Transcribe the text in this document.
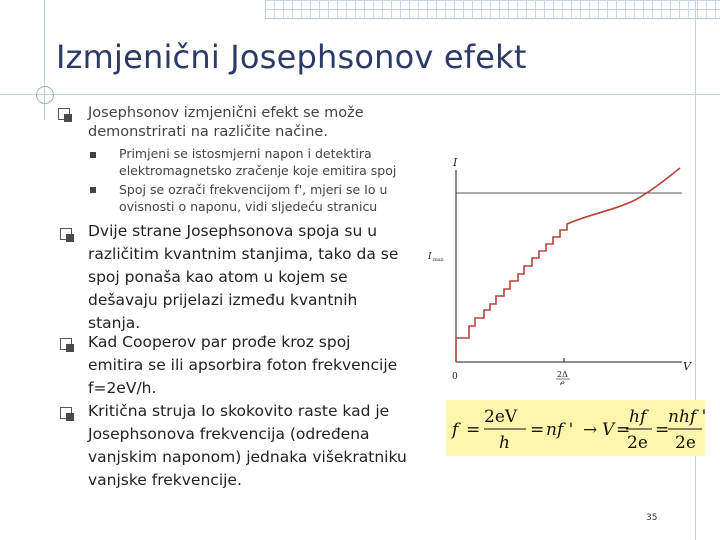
Izmjenični Josephsonov efekt
Josephsonov izmjenični efekt se može
demonstrirati na različite načine.
Primjeni se istosmjerni napon i detektira
elektromagnetsko zračenje koje emitira spoj
Spoj se ozrači frekvencijom f', mjeri se Io u
ovisnosti o naponu, vidi sljedeću stranicu
Dvije strane Josephsonova spoja su u
različitim kvantnim stanjima, tako da se
spoj ponaša kao atom u kojem se
dešavaju prijelazi između kvantnih
stanja.
Kad Cooperov par prođe kroz spoj
emitira se ili apsorbira foton frekvencije
f=2eV/h.
Kritična struja Io skokovito raste kad je
Josephsonova frekvencija (određena
vanjskim naponom) jednaka višekratniku
vanjske frekvencije.
I
I max
V
0	2Δ
e
f =
2eV
h
= nf ' → V =
hf
2e
=
nhf '
2e
35
